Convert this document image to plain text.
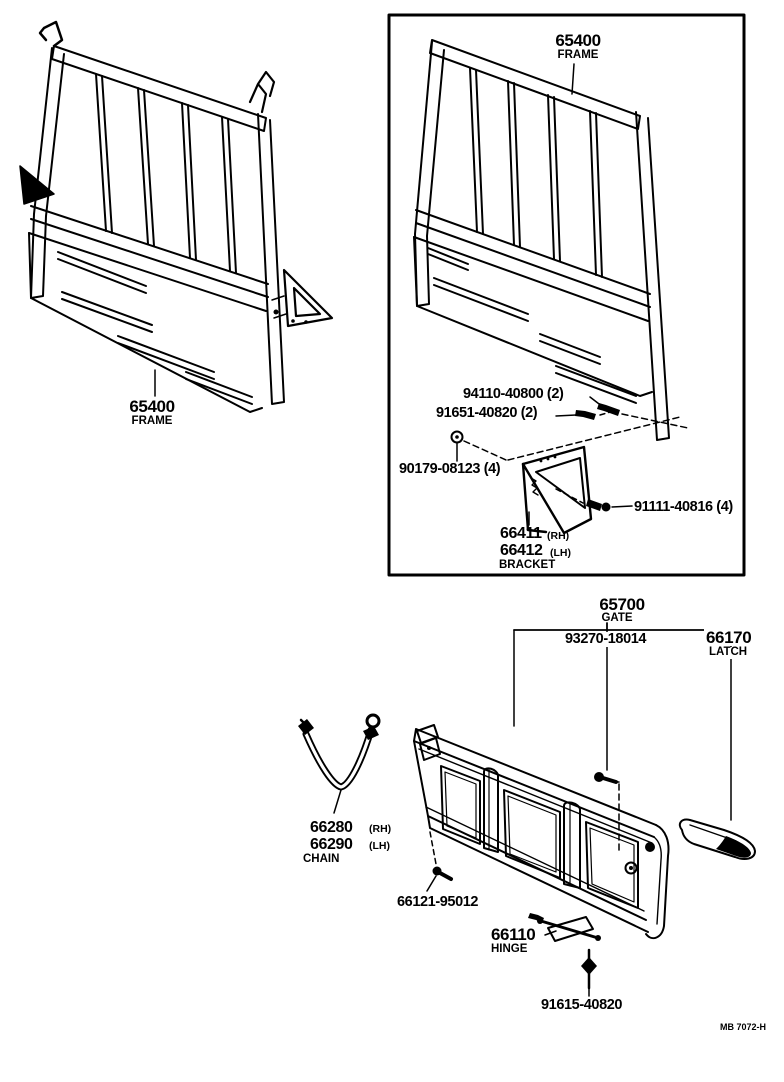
65400
FRAME
65400
FRAME
94110-40800 (2)
91651-40820 (2)
90179-08123 (4)
91111-40816 (4)
66411 (RH)
66412 (LH)
BRACKET
65700
GATE
93270-18014	66170
LATCH
66280 (RH)
66290 (LH)
CHAIN
66121-95012
66110
HINGE
91615-40820
MB 7072-H
